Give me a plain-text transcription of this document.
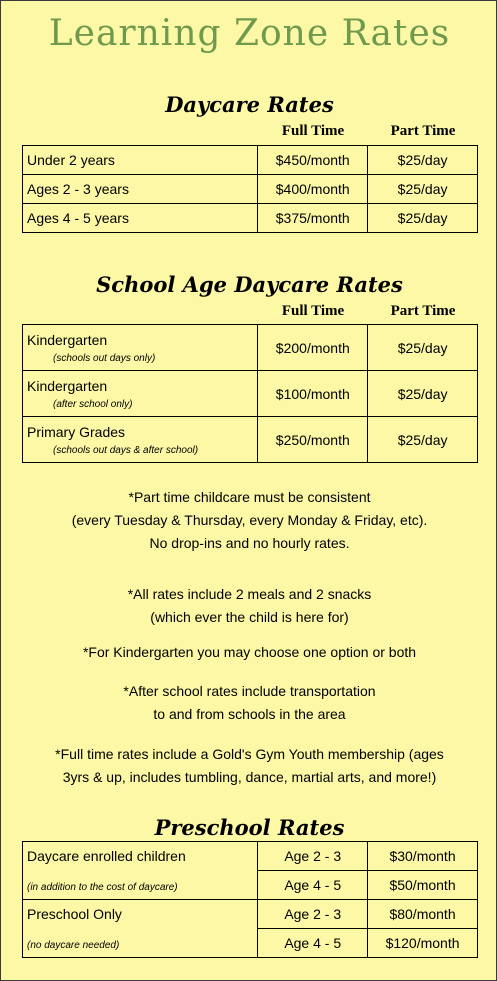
Learning Zone Rates
Daycare Rates
Full Time	Part Time
Under 2 years	$450/month	$25/day
Ages 2 - 3 years	$400/month	$25/day
Ages 4 - 5 years	$375/month	$25/day
School Age Daycare Rates
Full Time	Part Time
Kindergarten
(schools out days only)	$200/month	$25/day
Kindergarten
(after school only)	$100/month	$25/day
Primary Grades
(schools out days & after school)	$250/month	$25/day

*Part time childcare must be consistent

(every Tuesday & Thursday, every Monday & Friday, etc).

No drop-ins and no hourly rates.

*All rates include 2 meals and 2 snacks

(which ever the child is here for)

*For Kindergarten you may choose one option or both

*After school rates include transportation

to and from schools in the area

*Full time rates include a Gold's Gym Youth membership (ages

3yrs & up, includes tumbling, dance, martial arts, and more!)

Preschool Rates
Daycare enrolled children	Age 2 - 3	$30/month
(in addition to the cost of daycare)	Age 4 - 5	$50/month
Preschool Only	Age 2 - 3	$80/month
(no daycare needed)	Age 4 - 5	$120/month
